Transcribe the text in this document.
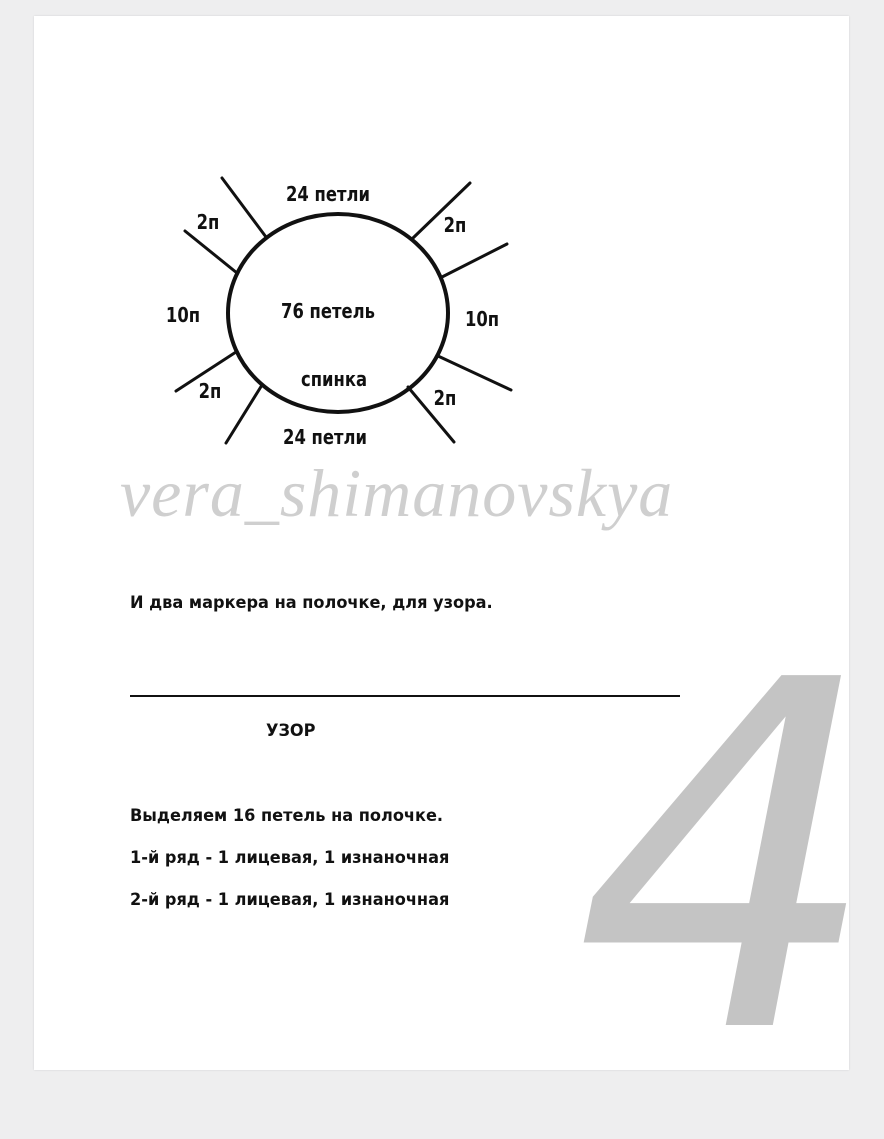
4
24 петли
76 петель
спинка
24 петли
10п	10п
2п	2п
2п	2п
vera_shimanovskya
И два маркера на полочке, для узора.
УЗОР
Выделяем 16 петель на полочке.
1-й ряд - 1 лицевая, 1 изнаночная
2-й ряд - 1 лицевая, 1 изнаночная
